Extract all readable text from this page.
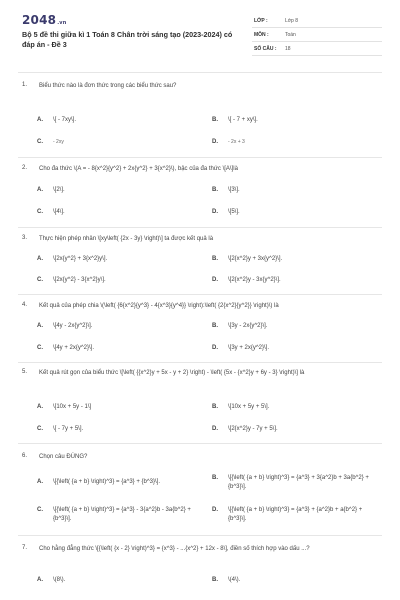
2048.vn
Bộ 5 đề thi giữa kì 1 Toán 8 Chân trời sáng tạo (2023-2024) có đáp án - Đề 3
LỚP :	Lớp 8
MÔN :	Toán
SỐ CÂU : 18
1. Biểu thức nào là đơn thức trong các biểu thức sau?
A. \[ - 7xy\].	B. \[ - 7 + xy\].
C. - 2xy	D. - 2x + 3
2. Cho đa thức \(A = - 8{x^2}{y^2} + 2x{y^2} + 3{x^2}\), bậc của đa thức \[A\]là
A. \[2\].	B. \[3\].
C. \[4\].	D. \[5\].
3. Thực hiện phép nhân \[xy\left( {2x - 3y} \right)\] ta được kết quả là
A. \[2x{y^2} + 3{x^2}y\].	B. \[2{x^2}y + 3x{y^2}\].
C. \[2x{y^2} - 3{x^2}y\].	D. \[2{x^2}y - 3x{y^2}\].
4. Kết quả của phép chia \(\left( {6{x^2}{y^3} - 4{x^3}{y^4}} \right):\left( {2{x^2}{y^2}} \right)\) là
A. \[4y - 2x{y^2}\].	B. \[3y - 2x{y^2}\].
C. \[4y + 2x{y^2}\].	D. \[3y + 2x{y^2}\].
5. Kết quả rút gọn của biểu thức \[\left( {{x^2}y + 5x - y + 2} \right) - \left( {5x - {x^2}y + 6y - 3} \right)\] là
A. \[10x + 5y - 1\]	B. \[10x + 5y + 5\].
C. \[ - 7y + 5\].	D. \[2{x^2}y - 7y + 5\].
6. Chọn câu ĐÚNG?
A. \[{\left( {a + b} \right)^3} = {a^3} + {b^3}\].
B. \[{\left( {a + b} \right)^3} = {a^3} + 3{a^2}b + 3a{b^2} + {b^3}\].
C. \[{\left( {a + b} \right)^3} = {a^3} - 3{a^2}b - 3a{b^2} + {b^3}\].
D. \[{\left( {a + b} \right)^3} = {a^3} + {a^2}b + a{b^2} + {b^3}\].
7. Cho hằng đẳng thức \[{\left( {x - 2} \right)^3} = {x^3} - ...{x^2} + 12x - 8\], điền số thích hợp vào dấu ...?
A. \(8\).	B. \(4\).
